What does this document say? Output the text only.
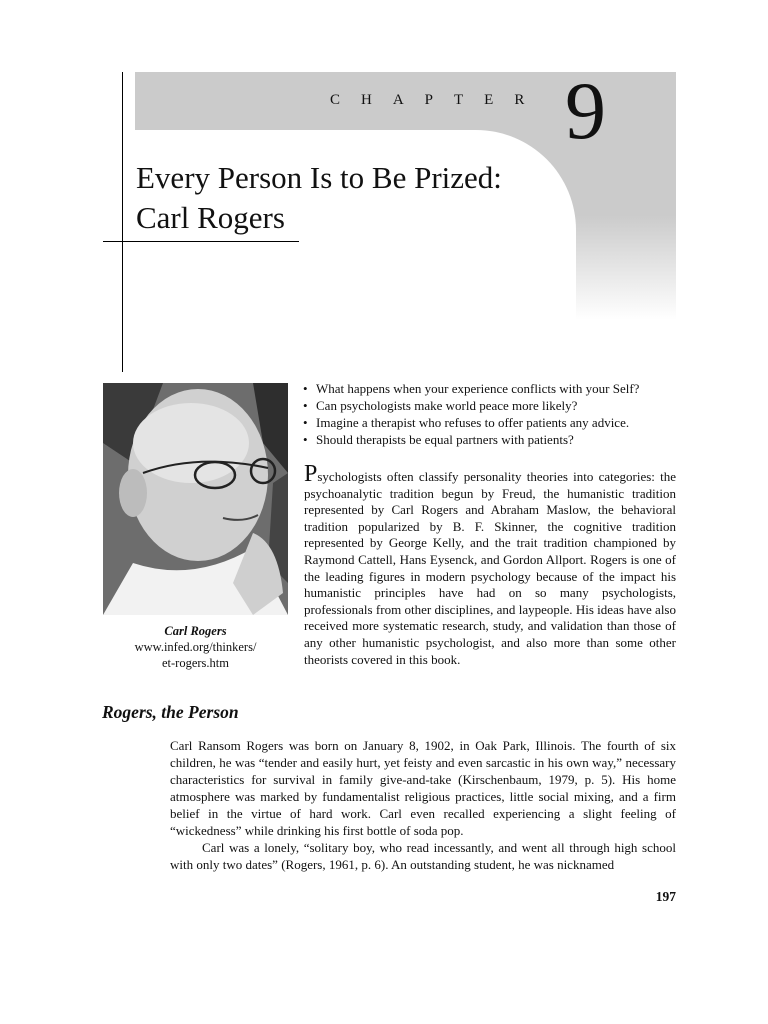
CHAPTER 9
Every Person Is to Be Prized:
Carl Rogers
Carl Rogers
www.infed.org/thinkers/
et-rogers.htm
• What happens when your experience conflicts with your Self?
• Can psychologists make world peace more likely?
• Imagine a therapist who refuses to offer patients any advice.
• Should therapists be equal partners with patients?

Psychologists often classify personality theories into categories: the psychoanalytic tradition begun by Freud, the humanistic tradition represented by Carl Rogers and Abraham Maslow, the behavioral tradition popularized by B. F. Skinner, the cognitive tradition represented by George Kelly, and the trait tradition championed by Raymond Cattell, Hans Eysenck, and Gordon Allport. Rogers is one of the leading figures in modern psychology because of the impact his humanistic principles have had on so many psychologists, professionals from other disciplines, and laypeople. His ideas have also received more systematic research, study, and validation than those of any other humanistic psychologist, and also more than some other theorists covered in this book.

Rogers, the Person
Carl Ransom Rogers was born on January 8, 1902, in Oak Park, Illinois. The fourth of six children, he was “tender and easily hurt, yet feisty and even sarcastic in his own way,” necessary characteristics for survival in family give-and-take (Kirschenbaum, 1979, p. 5). His home atmosphere was marked by fundamentalist religious practices, little social mixing, and a firm belief in the virtue of hard work. Carl even recalled experiencing a slight feeling of “wickedness” while drinking his first bottle of soda pop.
Carl was a lonely, “solitary boy, who read incessantly, and went all through high school with only two dates” (Rogers, 1961, p. 6). An outstanding student, he was nicknamed
197
